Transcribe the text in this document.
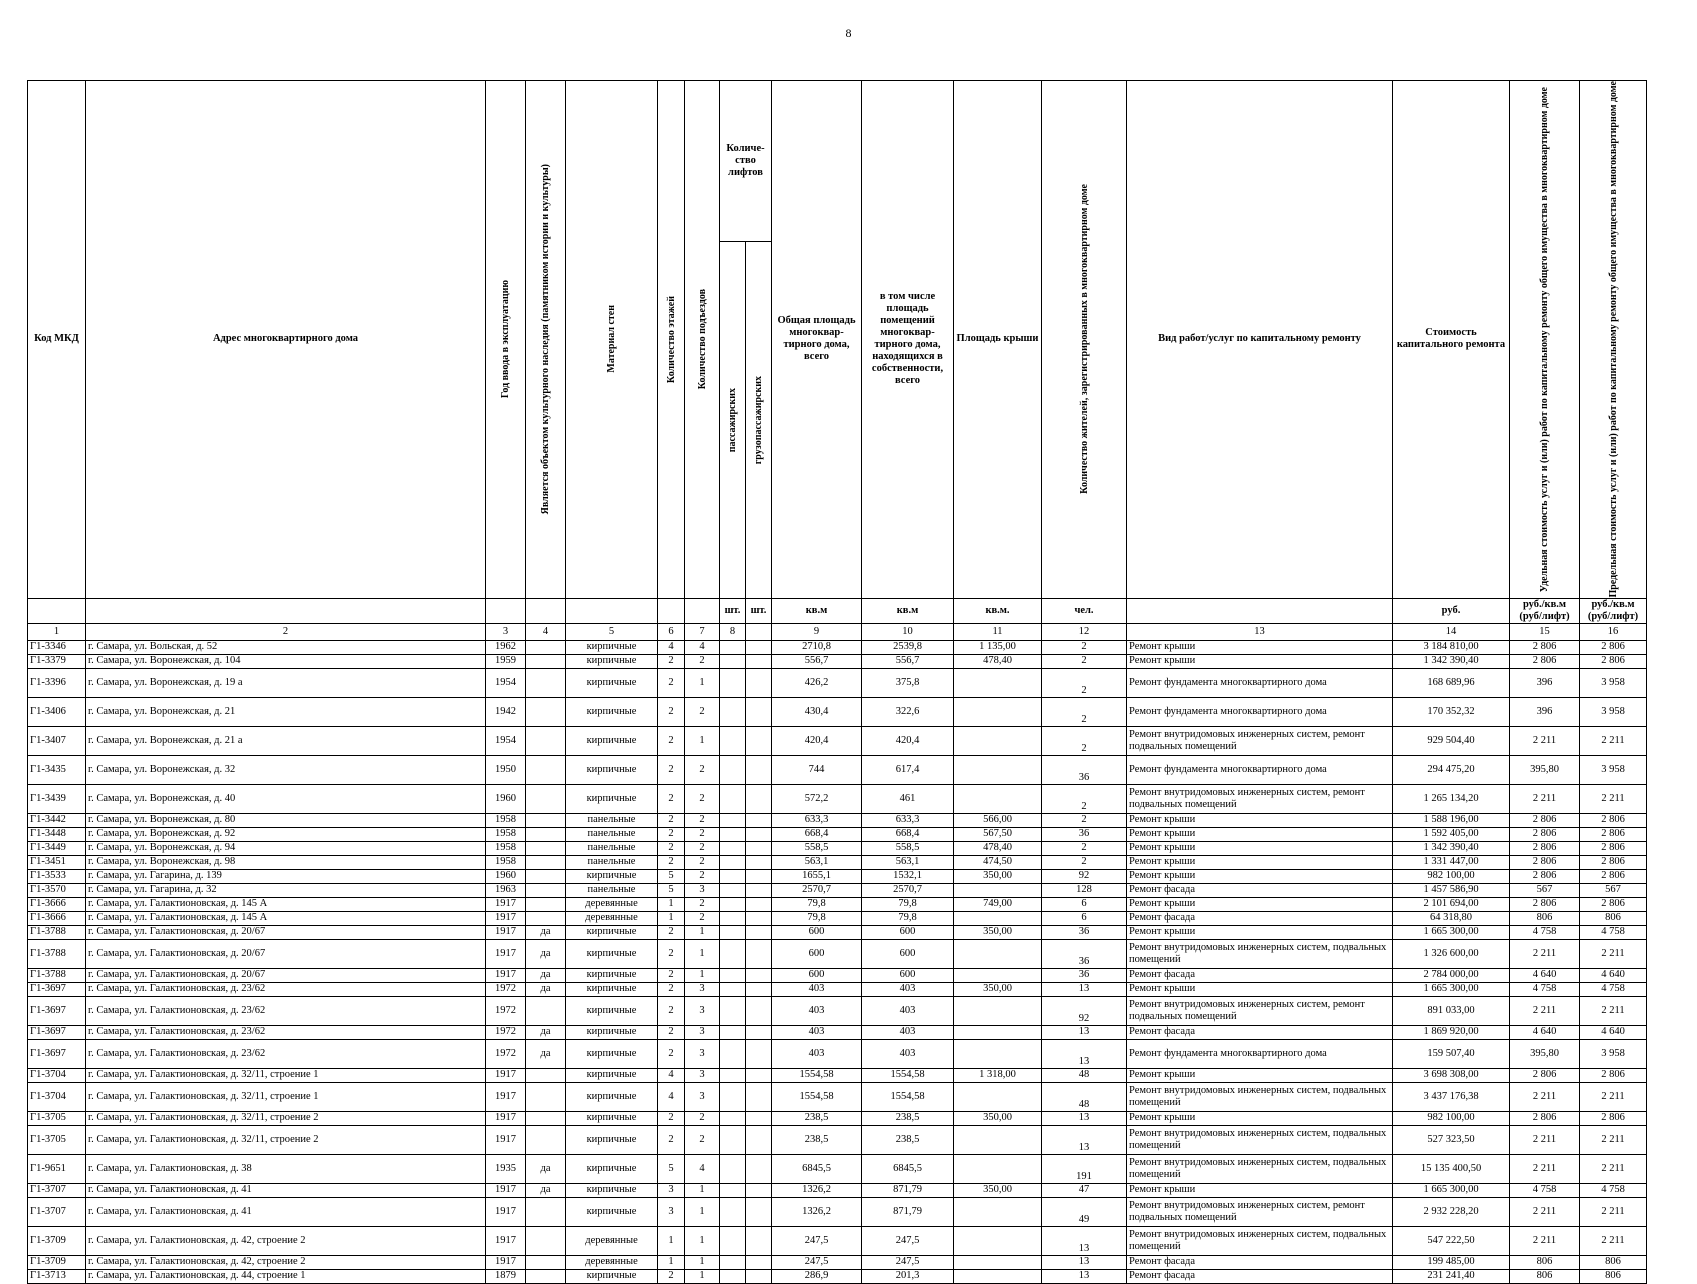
8
Код МКД	Адрес многоквартирного дома	Год ввода в эксплуатацию	Является объектом культурного наследия (памятником истории и культуры)	Материал стен	Количество этажей	Количество подъездов	Количе- ство лифтов		Общая площадь многоквар- тирного дома, всего	в том числе площадь помещений многоквар- тирного дома, находящихся в собственности, всего	Площадь крыши	Количество жителей, зарегистрированных в многоквартирном доме	Вид работ/услуг по капитальному ремонту	Стоимость капитального ремонта	Удельная стоимость услуг и (или) работ по капитальному ремонту общего имущества в многоквартирном доме	Предельная стоимость услуг и (или) работ по капитальному ремонту общего имущества в многоквартирном доме

							пассажирских	грузопассажирских								

							шт.	шт.	кв.м	кв.м	кв.м.	чел.		руб.	руб./кв.м (руб/лифт)	руб./кв.м (руб/лифт)
1	2	3	4	5	6	7	8		9	10	11	12	13	14	15	16
Г1-3346	г. Самара, ул. Вольская, д. 52	1962		кирпичные	4	4			2710,8	2539,8	1 135,00	2	Ремонт крыши	3 184 810,00	2 806	2 806
Г1-3379	г. Самара, ул. Воронежская, д. 104	1959		кирпичные	2	2			556,7	556,7	478,40	2	Ремонт крыши	1 342 390,40	2 806	2 806
Г1-3396	г. Самара, ул. Воронежская, д. 19 а	1954		кирпичные	2	1			426,2	375,8		2	Ремонт фундамента многоквартирного дома	168 689,96	396	3 958
Г1-3406	г. Самара, ул. Воронежская, д. 21	1942		кирпичные	2	2			430,4	322,6		2	Ремонт фундамента многоквартирного дома	170 352,32	396	3 958
Г1-3407	г. Самара, ул. Воронежская, д. 21 а	1954		кирпичные	2	1			420,4	420,4		2	Ремонт внутридомовых инженерных систем, ремонт подвальных помещений	929 504,40	2 211	2 211
Г1-3435	г. Самара, ул. Воронежская, д. 32	1950		кирпичные	2	2			744	617,4		36	Ремонт фундамента многоквартирного дома	294 475,20	395,80	3 958
Г1-3439	г. Самара, ул. Воронежская, д. 40	1960		кирпичные	2	2			572,2	461		2	Ремонт внутридомовых инженерных систем, ремонт подвальных помещений	1 265 134,20	2 211	2 211
Г1-3442	г. Самара, ул. Воронежская, д. 80	1958		панельные	2	2			633,3	633,3	566,00	2	Ремонт крыши	1 588 196,00	2 806	2 806
Г1-3448	г. Самара, ул. Воронежская, д. 92	1958		панельные	2	2			668,4	668,4	567,50	36	Ремонт крыши	1 592 405,00	2 806	2 806
Г1-3449	г. Самара, ул. Воронежская, д. 94	1958		панельные	2	2			558,5	558,5	478,40	2	Ремонт крыши	1 342 390,40	2 806	2 806
Г1-3451	г. Самара, ул. Воронежская, д. 98	1958		панельные	2	2			563,1	563,1	474,50	2	Ремонт крыши	1 331 447,00	2 806	2 806
Г1-3533	г. Самара, ул. Гагарина, д. 139	1960		кирпичные	5	2			1655,1	1532,1	350,00	92	Ремонт крыши	982 100,00	2 806	2 806
Г1-3570	г. Самара, ул. Гагарина, д. 32	1963		панельные	5	3			2570,7	2570,7		128	Ремонт фасада	1 457 586,90	567	567
Г1-3666	г. Самара, ул. Галактионовская, д. 145 А	1917		деревянные	1	2			79,8	79,8	749,00	6	Ремонт крыши	2 101 694,00	2 806	2 806
Г1-3666	г. Самара, ул. Галактионовская, д. 145 А	1917		деревянные	1	2			79,8	79,8		6	Ремонт фасада	64 318,80	806	806
Г1-3788	г. Самара, ул. Галактионовская, д. 20/67	1917	да	кирпичные	2	1			600	600	350,00	36	Ремонт крыши	1 665 300,00	4 758	4 758
Г1-3788	г. Самара, ул. Галактионовская, д. 20/67	1917	да	кирпичные	2	1			600	600		36	Ремонт внутридомовых инженерных систем, подвальных помещений	1 326 600,00	2 211	2 211
Г1-3788	г. Самара, ул. Галактионовская, д. 20/67	1917	да	кирпичные	2	1			600	600		36	Ремонт фасада	2 784 000,00	4 640	4 640
Г1-3697	г. Самара, ул. Галактионовская, д. 23/62	1972	да	кирпичные	2	3			403	403	350,00	13	Ремонт крыши	1 665 300,00	4 758	4 758
Г1-3697	г. Самара, ул. Галактионовская, д. 23/62	1972		кирпичные	2	3			403	403		92	Ремонт внутридомовых инженерных систем, ремонт подвальных помещений	891 033,00	2 211	2 211
Г1-3697	г. Самара, ул. Галактионовская, д. 23/62	1972	да	кирпичные	2	3			403	403		13	Ремонт фасада	1 869 920,00	4 640	4 640
Г1-3697	г. Самара, ул. Галактионовская, д. 23/62	1972	да	кирпичные	2	3			403	403		13	Ремонт фундамента многоквартирного дома	159 507,40	395,80	3 958
Г1-3704	г. Самара, ул. Галактионовская, д. 32/11, строение 1	1917		кирпичные	4	3			1554,58	1554,58	1 318,00	48	Ремонт крыши	3 698 308,00	2 806	2 806
Г1-3704	г. Самара, ул. Галактионовская, д. 32/11, строение 1	1917		кирпичные	4	3			1554,58	1554,58		48	Ремонт внутридомовых инженерных систем, подвальных помещений	3 437 176,38	2 211	2 211
Г1-3705	г. Самара, ул. Галактионовская, д. 32/11, строение 2	1917		кирпичные	2	2			238,5	238,5	350,00	13	Ремонт крыши	982 100,00	2 806	2 806
Г1-3705	г. Самара, ул. Галактионовская, д. 32/11, строение 2	1917		кирпичные	2	2			238,5	238,5		13	Ремонт внутридомовых инженерных систем, подвальных помещений	527 323,50	2 211	2 211
Г1-9651	г. Самара, ул. Галактионовская, д. 38	1935	да	кирпичные	5	4			6845,5	6845,5		191	Ремонт внутридомовых инженерных систем, подвальных помещений	15 135 400,50	2 211	2 211
Г1-3707	г. Самара, ул. Галактионовская, д. 41	1917	да	кирпичные	3	1			1326,2	871,79	350,00	47	Ремонт крыши	1 665 300,00	4 758	4 758
Г1-3707	г. Самара, ул. Галактионовская, д. 41	1917		кирпичные	3	1			1326,2	871,79		49	Ремонт внутридомовых инженерных систем, ремонт подвальных помещений	2 932 228,20	2 211	2 211
Г1-3709	г. Самара, ул. Галактионовская, д. 42, строение 2	1917		деревянные	1	1			247,5	247,5		13	Ремонт внутридомовых инженерных систем, подвальных помещений	547 222,50	2 211	2 211
Г1-3709	г. Самара, ул. Галактионовская, д. 42, строение 2	1917		деревянные	1	1			247,5	247,5		13	Ремонт фасада	199 485,00	806	806
Г1-3713	г. Самара, ул. Галактионовская, д. 44, строение 1	1879		кирпичные	2	1			286,9	201,3		13	Ремонт фасада	231 241,40	806	806
